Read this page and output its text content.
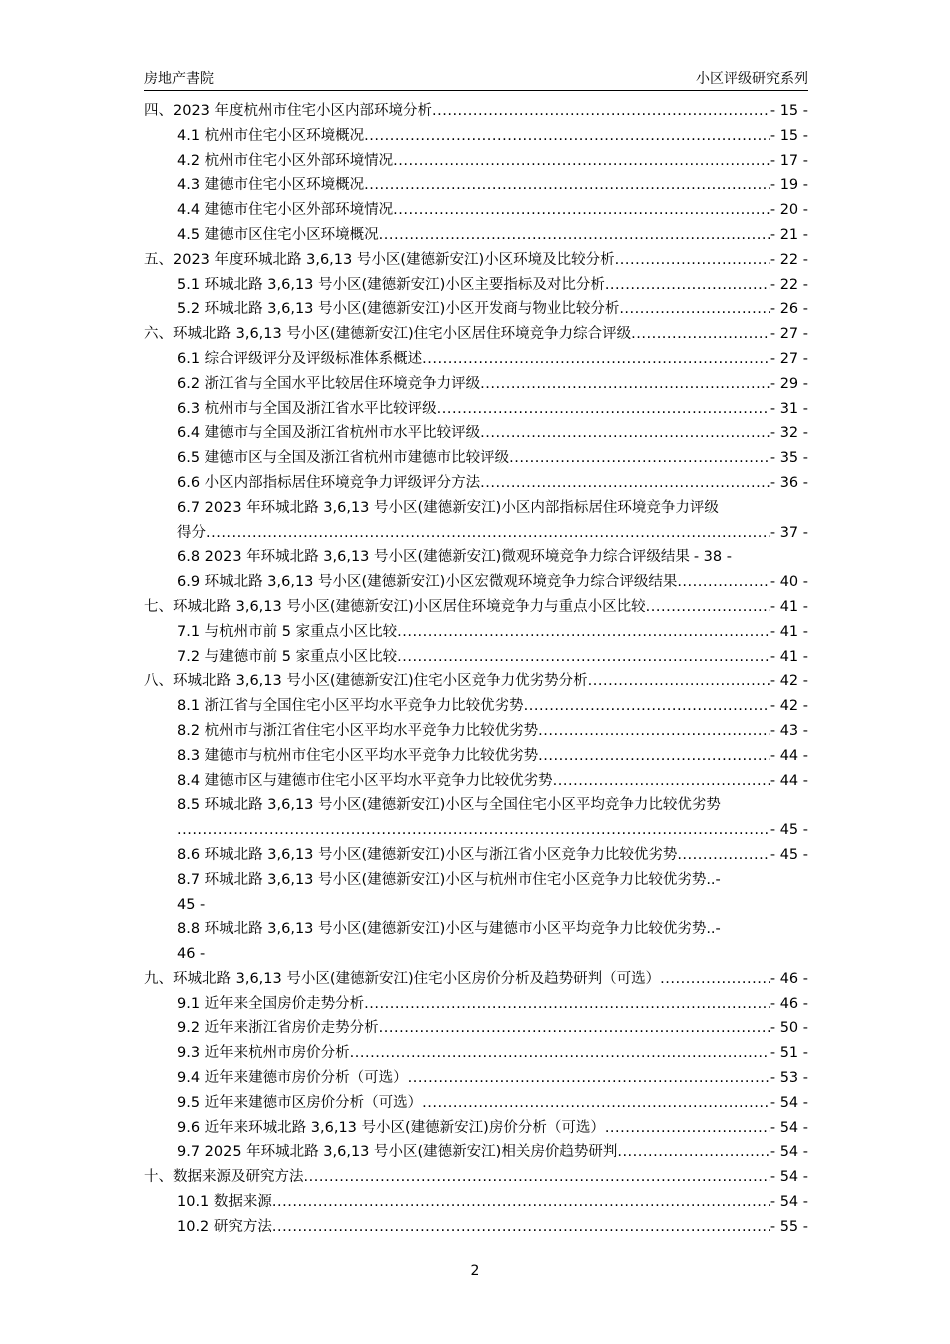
房地产書院	小区评级研究系列
四、2023 年度杭州市住宅小区内部环境分析 .....	- 15 -
4.1 杭州市住宅小区环境概况 .....	- 15 -
4.2 杭州市住宅小区外部环境情况 .....	- 17 -
4.3 建德市住宅小区环境概况 .....	- 19 -
4.4 建德市住宅小区外部环境情况 .....	- 20 -
4.5 建德市区住宅小区环境概况 .....	- 21 -
五、2023 年度环城北路 3,6,13 号小区(建德新安江)小区环境及比较分析 .....	- 22 -
5.1 环城北路 3,6,13 号小区(建德新安江)小区主要指标及对比分析 .....	- 22 -
5.2 环城北路 3,6,13 号小区(建德新安江)小区开发商与物业比较分析 .....	- 26 -
六、环城北路 3,6,13 号小区(建德新安江)住宅小区居住环境竞争力综合评级 .....	- 27 -
6.1 综合评级评分及评级标准体系概述 .....	- 27 -
6.2 浙江省与全国水平比较居住环境竞争力评级 .....	- 29 -
6.3 杭州市与全国及浙江省水平比较评级 .....	- 31 -
6.4 建德市与全国及浙江省杭州市水平比较评级 .....	- 32 -
6.5 建德市区与全国及浙江省杭州市建德市比较评级 .....	- 35 -
6.6 小区内部指标居住环境竞争力评级评分方法 .....	- 36 -
6.7 2023 年环城北路 3,6,13 号小区(建德新安江)小区内部指标居住环境竞争力评级
得分 .....	- 37 -
6.8 2023 年环城北路 3,6,13 号小区(建德新安江)微观环境竞争力综合评级结果 - 38 -
6.9 环城北路 3,6,13 号小区(建德新安江)小区宏微观环境竞争力综合评级结果 .....	- 40 -
七、环城北路 3,6,13 号小区(建德新安江)小区居住环境竞争力与重点小区比较 .....	- 41 -
7.1 与杭州市前 5 家重点小区比较 .....	- 41 -
7.2 与建德市前 5 家重点小区比较 .....	- 41 -
八、环城北路 3,6,13 号小区(建德新安江)住宅小区竞争力优劣势分析 .....	- 42 -
8.1 浙江省与全国住宅小区平均水平竞争力比较优劣势 .....	- 42 -
8.2 杭州市与浙江省住宅小区平均水平竞争力比较优劣势 .....	- 43 -
8.3 建德市与杭州市住宅小区平均水平竞争力比较优劣势 .....	- 44 -
8.4 建德市区与建德市住宅小区平均水平竞争力比较优劣势 .....	- 44 -
8.5 环城北路 3,6,13 号小区(建德新安江)小区与全国住宅小区平均竞争力比较优劣势
.....
- 45 -
8.6 环城北路 3,6,13 号小区(建德新安江)小区与浙江省小区竞争力比较优劣势 .....	- 45 -
8.7 环城北路 3,6,13 号小区(建德新安江)小区与杭州市住宅小区竞争力比较优劣势..-
45 -
8.8 环城北路 3,6,13 号小区(建德新安江)小区与建德市小区平均竞争力比较优劣势..-
46 -
九、环城北路 3,6,13 号小区(建德新安江)住宅小区房价分析及趋势研判（可选） .....	- 46 -
9.1 近年来全国房价走势分析 .....	- 46 -
9.2 近年来浙江省房价走势分析 .....	- 50 -
9.3 近年来杭州市房价分析 .....	- 51 -
9.4 近年来建德市房价分析（可选） .....	- 53 -
9.5 近年来建德市区房价分析（可选） .....	- 54 -
9.6 近年来环城北路 3,6,13 号小区(建德新安江)房价分析（可选） .....	- 54 -
9.7 2025 年环城北路 3,6,13 号小区(建德新安江)相关房价趋势研判 .....	- 54 -
十、数据来源及研究方法 .....	- 54 -
10.1 数据来源 .....	- 54 -
10.2 研究方法 .....	- 55 -
2
